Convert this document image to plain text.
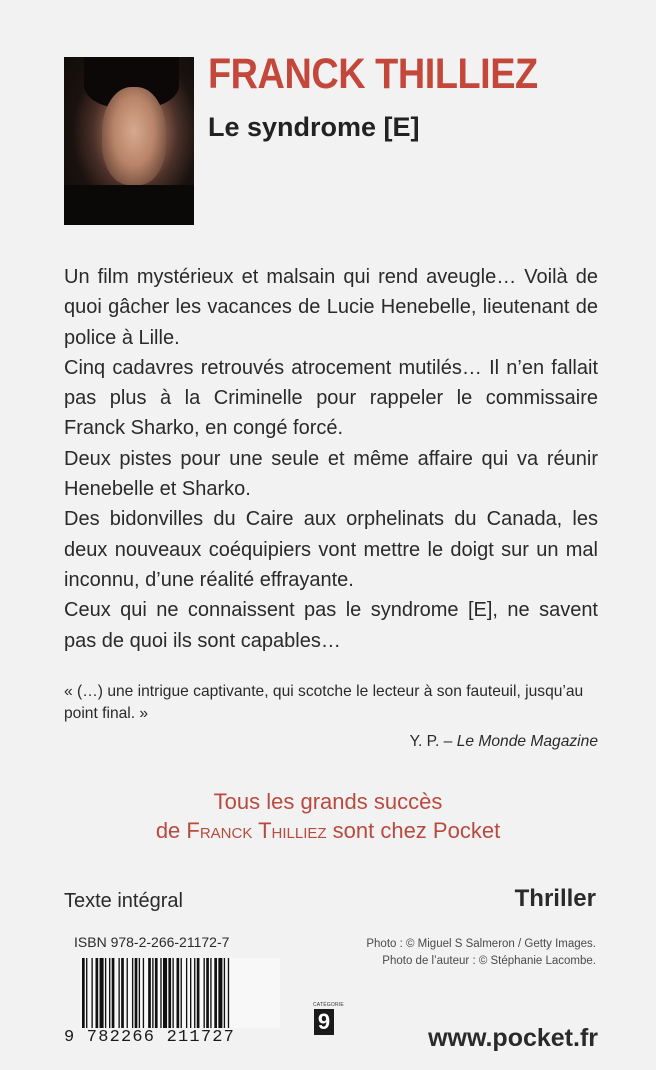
FRANCK THILLIEZ
Le syndrome [E]

Un film mystérieux et malsain qui rend aveugle… Voilà de quoi gâcher les vacances de Lucie Henebelle, lieutenant de police à Lille.

Cinq cadavres retrouvés atrocement mutilés… Il n’en fallait pas plus à la Criminelle pour rappeler le commissaire Franck Sharko, en congé forcé.

Deux pistes pour une seule et même affaire qui va réunir Henebelle et Sharko.

Des bidonvilles du Caire aux orphelinats du Canada, les deux nouveaux coéquipiers vont mettre le doigt sur un mal inconnu, d’une réalité effrayante.

Ceux qui ne connaissent pas le syndrome [E], ne savent pas de quoi ils sont capables…

« (…) une intrigue captivante, qui scotche le lecteur à son fauteuil, jusqu’au point final. »
Y. P. – Le Monde Magazine
Tous les grands succès
de Franck Thilliez sont chez Pocket
Texte intégral	Thriller
ISBN 978-2-266-21172-7	Photo : © Miguel S Salmeron / Getty Images.
Photo de l’auteur : © Stéphanie Lacombe.
9 782266 211727
CATÉGORIE
9
www.pocket.fr
